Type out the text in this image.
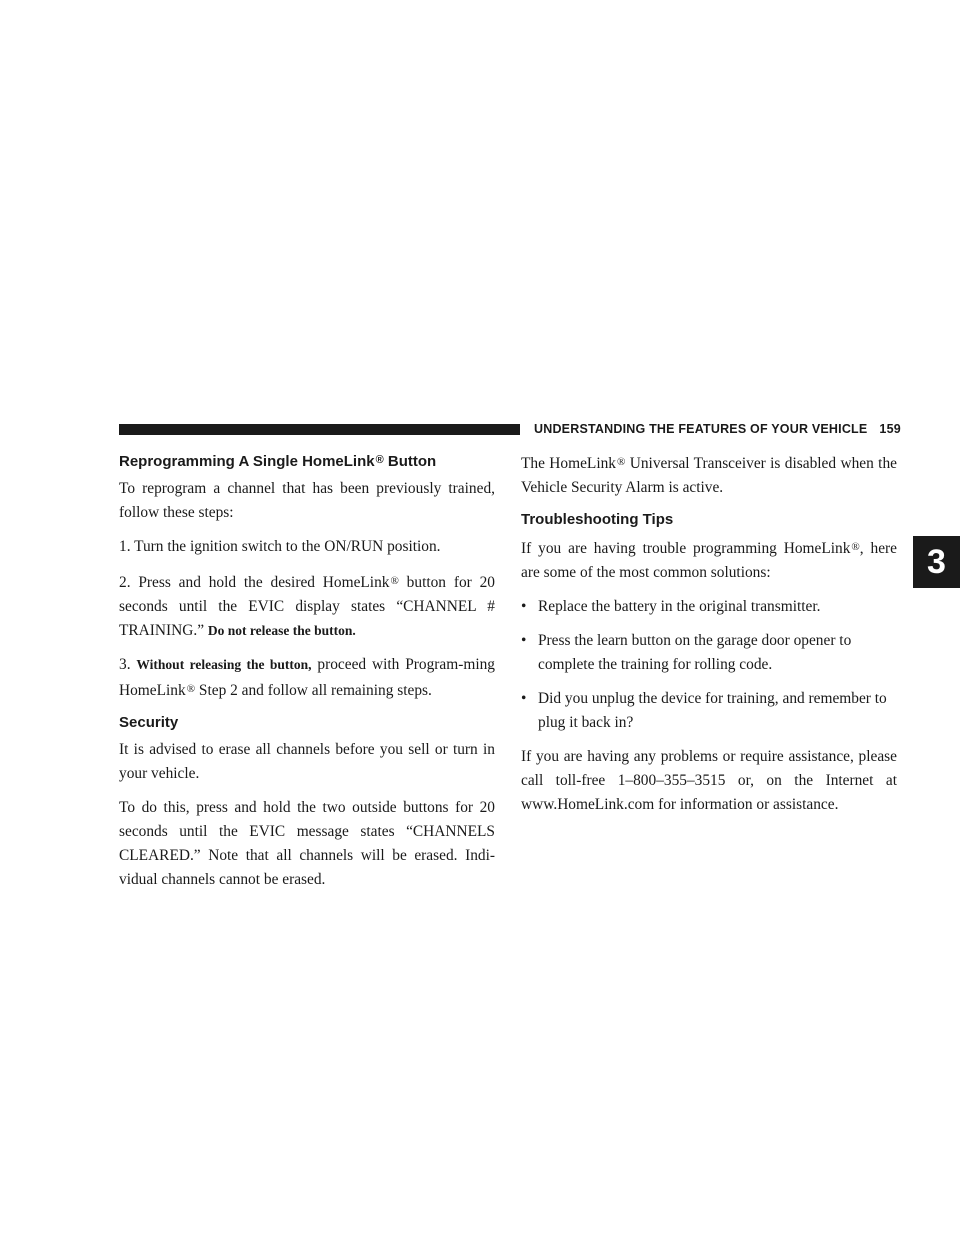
UNDERSTANDING THE FEATURES OF YOUR VEHICLE 159
3
Reprogramming A Single HomeLink® Button

To reprogram a channel that has been previously trained, follow these steps:

1. Turn the ignition switch to the ON/RUN position.

2. Press and hold the desired HomeLink® button for 20 seconds until the EVIC display states “CHANNEL # TRAINING.” Do not release the button.

3. Without releasing the button, proceed with Program-ming HomeLink® Step 2 and follow all remaining steps.

Security

It is advised to erase all channels before you sell or turn in your vehicle.

To do this, press and hold the two outside buttons for 20 seconds until the EVIC message states “CHANNELS CLEARED.” Note that all channels will be erased. Indi-vidual channels cannot be erased.

The HomeLink® Universal Transceiver is disabled when the Vehicle Security Alarm is active.

Troubleshooting Tips

If you are having trouble programming HomeLink®, here are some of the most common solutions:

• Replace the battery in the original transmitter.
• Press the learn button on the garage door opener to complete the training for rolling code.
• Did you unplug the device for training, and remember to plug it back in?

If you are having any problems or require assistance, please call toll-free 1–800–355–3515 or, on the Internet at www.HomeLink.com for information or assistance.
